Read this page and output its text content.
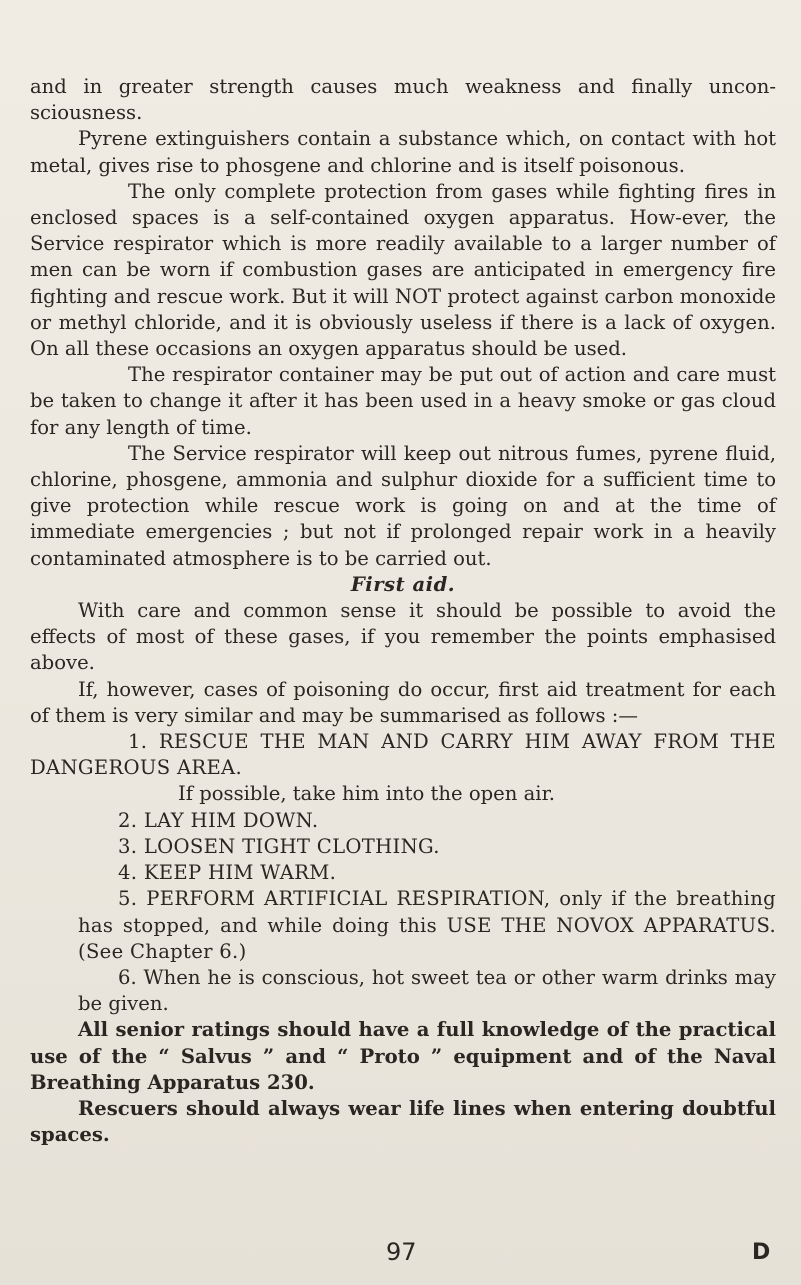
and in greater strength causes much weakness and finally uncon-sciousness.

Pyrene extinguishers contain a substance which, on contact with hot metal, gives rise to phosgene and chlorine and is itself poisonous.

The only complete protection from gases while fighting fires in enclosed spaces is a self-contained oxygen apparatus. How-ever, the Service respirator which is more readily available to a larger number of men can be worn if combustion gases are anticipated in emergency fire fighting and rescue work. But it will NOT protect against carbon monoxide or methyl chloride, and it is obviously useless if there is a lack of oxygen. On all these occasions an oxygen apparatus should be used.

The respirator container may be put out of action and care must be taken to change it after it has been used in a heavy smoke or gas cloud for any length of time.

The Service respirator will keep out nitrous fumes, pyrene fluid, chlorine, phosgene, ammonia and sulphur dioxide for a sufficient time to give protection while rescue work is going on and at the time of immediate emergencies ; but not if prolonged repair work in a heavily contaminated atmosphere is to be carried out.

First aid.

With care and common sense it should be possible to avoid the effects of most of these gases, if you remember the points emphasised above.

If, however, cases of poisoning do occur, first aid treatment for each of them is very similar and may be summarised as follows :—

1. RESCUE THE MAN AND CARRY HIM AWAY FROM THE DANGEROUS AREA.

If possible, take him into the open air.

2. LAY HIM DOWN.

3. LOOSEN TIGHT CLOTHING.

4. KEEP HIM WARM.

5. PERFORM ARTIFICIAL RESPIRATION, only if the breathing has stopped, and while doing this USE THE NOVOX APPARATUS. (See Chapter 6.)

6. When he is conscious, hot sweet tea or other warm drinks may be given.

All senior ratings should have a full knowledge of the practical use of the “ Salvus ” and “ Proto ” equipment and of the Naval Breathing Apparatus 230.

Rescuers should always wear life lines when entering doubtful spaces.

97	D
